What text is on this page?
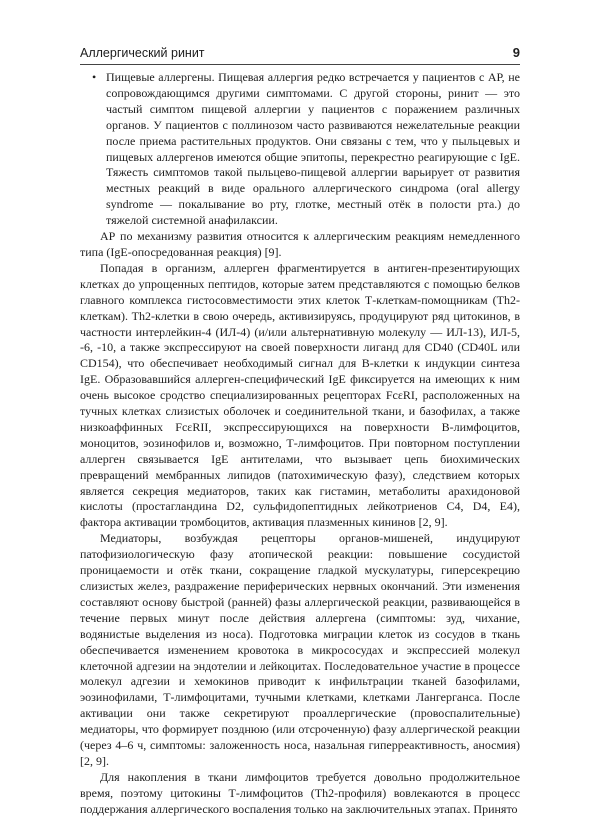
Аллергический ринит	9
• Пищевые аллергены. Пищевая аллергия редко встречается у пациентов с АР, не сопровождающимся другими симптомами. С другой стороны, ринит — это частый симптом пищевой аллергии у пациентов с поражением различных органов. У пациентов с поллинозом часто развиваются нежелательные реакции после приема растительных продуктов. Они связаны с тем, что у пыльцевых и пищевых аллергенов имеются общие эпитопы, перекрестно реагирующие с IgE. Тяжесть симптомов такой пыльцево-пищевой аллергии варьирует от развития местных реакций в виде орального аллергического синдрома (oral allergy syndrome — покалывание во рту, глотке, местный отёк в полости рта.) до тяжелой системной анафилаксии.

АР по механизму развития относится к аллергическим реакциям немедленного типа (IgE-опосредованная реакция) [9].

Попадая в организм, аллерген фрагментируется в антиген-презентирующих клетках до упрощенных пептидов, которые затем представляются с помощью белков главного комплекса гистосовместимости этих клеток Т-клеткам-помощникам (Th2-клеткам). Th2-клетки в свою очередь, активизируясь, продуцируют ряд цитокинов, в частности интерлейкин-4 (ИЛ-4) (и/или альтернативную молекулу — ИЛ-13), ИЛ-5, -6, -10, а также экспрессируют на своей поверхности лиганд для CD40 (CD40L или CD154), что обеспечивает необходимый сигнал для В-клетки к индукции синтеза IgE. Образовавшийся аллерген-специфический IgE фиксируется на имеющих к ним очень высокое сродство специализированных рецепторах FcεRI, расположенных на тучных клетках слизистых оболочек и соединительной ткани, и базофилах, а также низкоаффинных FcεRII, экспрессирующихся на поверхности В-лимфоцитов, моноцитов, эозинофилов и, возможно, Т-лимфоцитов. При повторном поступлении аллерген связывается IgE антителами, что вызывает цепь биохимических превращений мембранных липидов (патохимическую фазу), следствием которых является секреция медиаторов, таких как гистамин, метаболиты арахидоновой кислоты (простагландина D2, сульфидопептидных лейкотриенов C4, D4, E4), фактора активации тромбоцитов, активация плазменных кининов [2, 9].

Медиаторы, возбуждая рецепторы органов-мишеней, индуцируют патофизиологическую фазу атопической реакции: повышение сосудистой проницаемости и отёк ткани, сокращение гладкой мускулатуры, гиперсекрецию слизистых желез, раздражение периферических нервных окончаний. Эти изменения составляют основу быстрой (ранней) фазы аллергической реакции, развивающейся в течение первых минут после действия аллергена (симптомы: зуд, чихание, водянистые выделения из носа). Подготовка миграции клеток из сосудов в ткань обеспечивается изменением кровотока в микрососудах и экспрессией молекул клеточной адгезии на эндотелии и лейкоцитах. Последовательное участие в процессе молекул адгезии и хемокинов приводит к инфильтрации тканей базофилами, эозинофилами, Т-лимфоцитами, тучными клетками, клетками Лангерганса. После активации они также секретируют проаллергические (провоспалительные) медиаторы, что формирует позднюю (или отсроченную) фазу аллергической реакции (через 4–6 ч, симптомы: заложенность носа, назальная гиперреактивность, аносмия) [2, 9].

Для накопления в ткани лимфоцитов требуется довольно продолжительное время, поэтому цитокины Т-лимфоцитов (Th2-профиля) вовлекаются в процесс поддержания аллергического воспаления только на заключительных этапах. Принято
